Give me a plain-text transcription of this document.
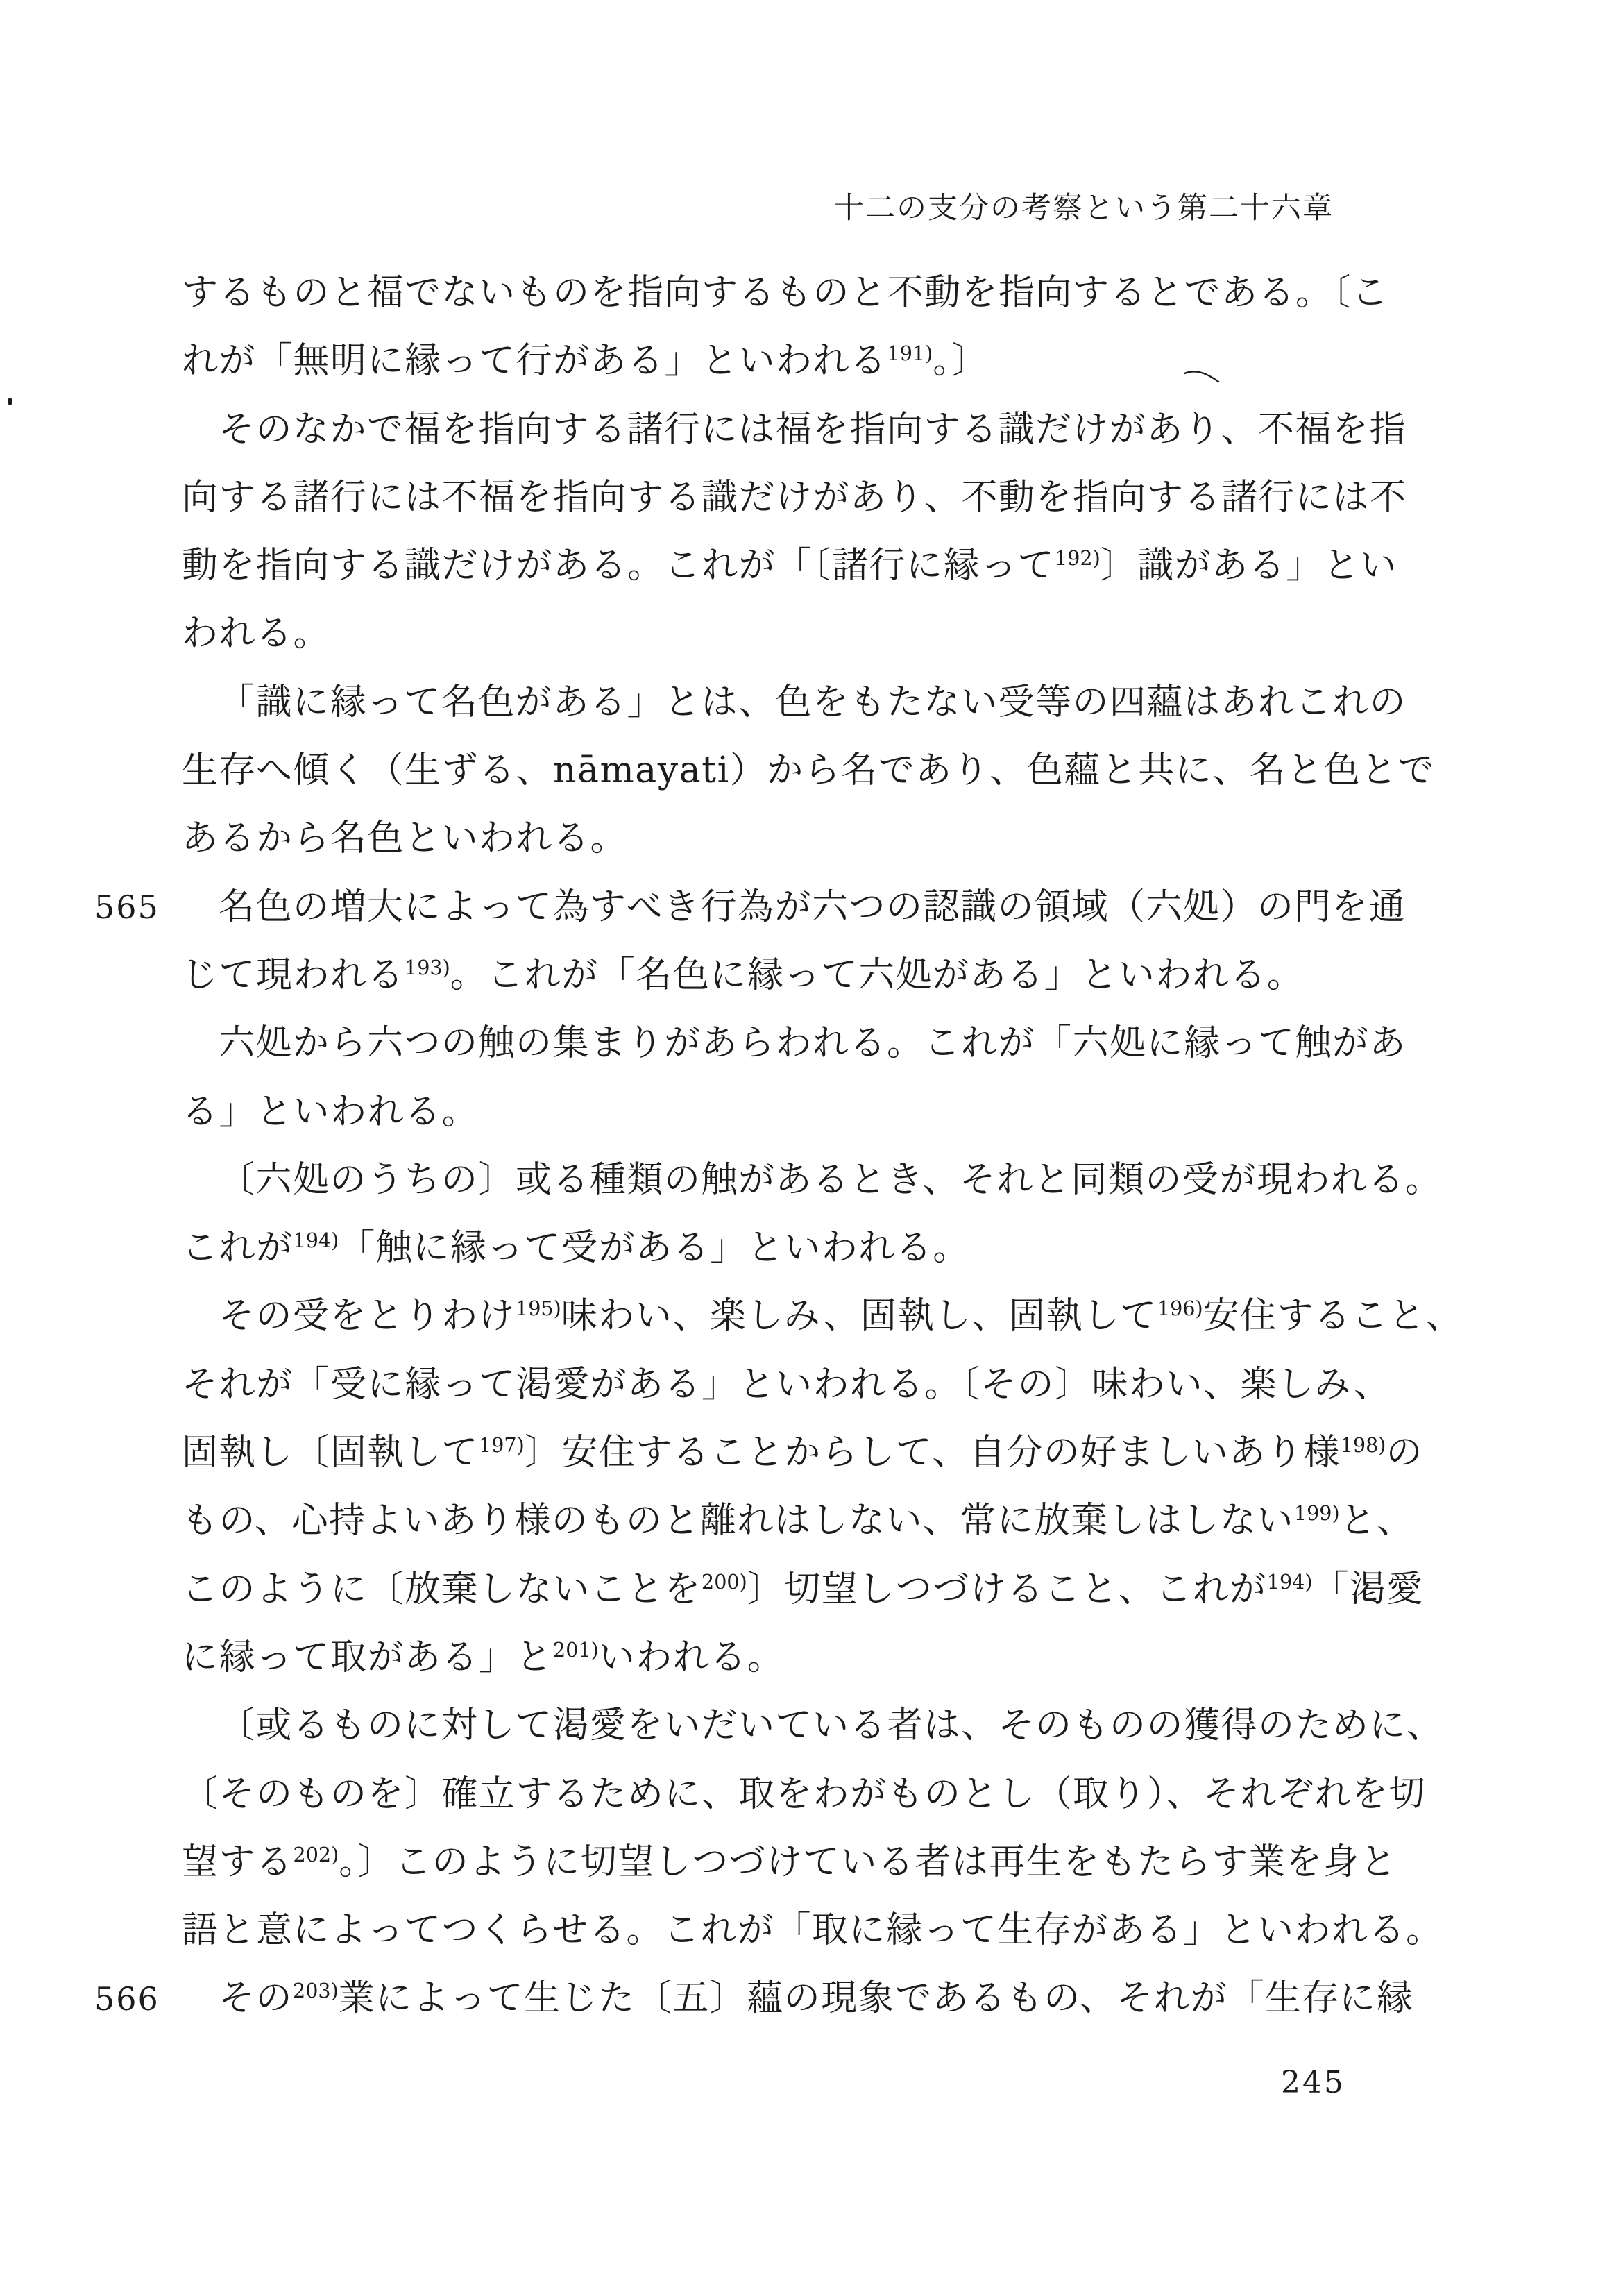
十二の支分の考察という第二十六章
するものと福でないものを指向するものと不動を指向するとである。〔こ
れが「無明に縁って行がある」といわれる$^{191)}$。〕
そのなかで福を指向する諸行には福を指向する識だけがあり、不福を指
向する諸行には不福を指向する識だけがあり、不動を指向する諸行には不
動を指向する識だけがある。これが「〔諸行に縁って$^{192)}$〕識がある」とい
われる。
「識に縁って名色がある」とは、色をもたない受等の四蘊はあれこれの
生存へ傾く（生ずる、nāmayati）から名であり、色蘊と共に、名と色とで
あるから名色といわれる。
名色の増大によって為すべき行為が六つの認識の領域（六処）の門を通
じて現われる$^{193)}$。これが「名色に縁って六処がある」といわれる。
六処から六つの触の集まりがあらわれる。これが「六処に縁って触があ
る」といわれる。
〔六処のうちの〕或る種類の触があるとき、それと同類の受が現われる。
これが$^{194)}$「触に縁って受がある」といわれる。
その受をとりわけ$^{195)}$味わい、楽しみ、固執し、固執して$^{196)}$安住すること、
それが「受に縁って渇愛がある」といわれる。〔その〕味わい、楽しみ、
固執し〔固執して$^{197)}$〕安住することからして、自分の好ましいあり様$^{198)}$の
もの、心持よいあり様のものと離れはしない、常に放棄しはしない$^{199)}$と、
このように〔放棄しないことを$^{200)}$〕切望しつづけること、これが$^{194)}$「渇愛
に縁って取がある」と$^{201)}$いわれる。
〔或るものに対して渇愛をいだいている者は、そのものの獲得のために、
〔そのものを〕確立するために、取をわがものとし（取り）、それぞれを切
望する$^{202)}$。〕このように切望しつづけている者は再生をもたらす業を身と
語と意によってつくらせる。これが「取に縁って生存がある」といわれる。
その$^{203)}$業によって生じた〔五〕蘊の現象であるもの、それが「生存に縁
565
566
245
